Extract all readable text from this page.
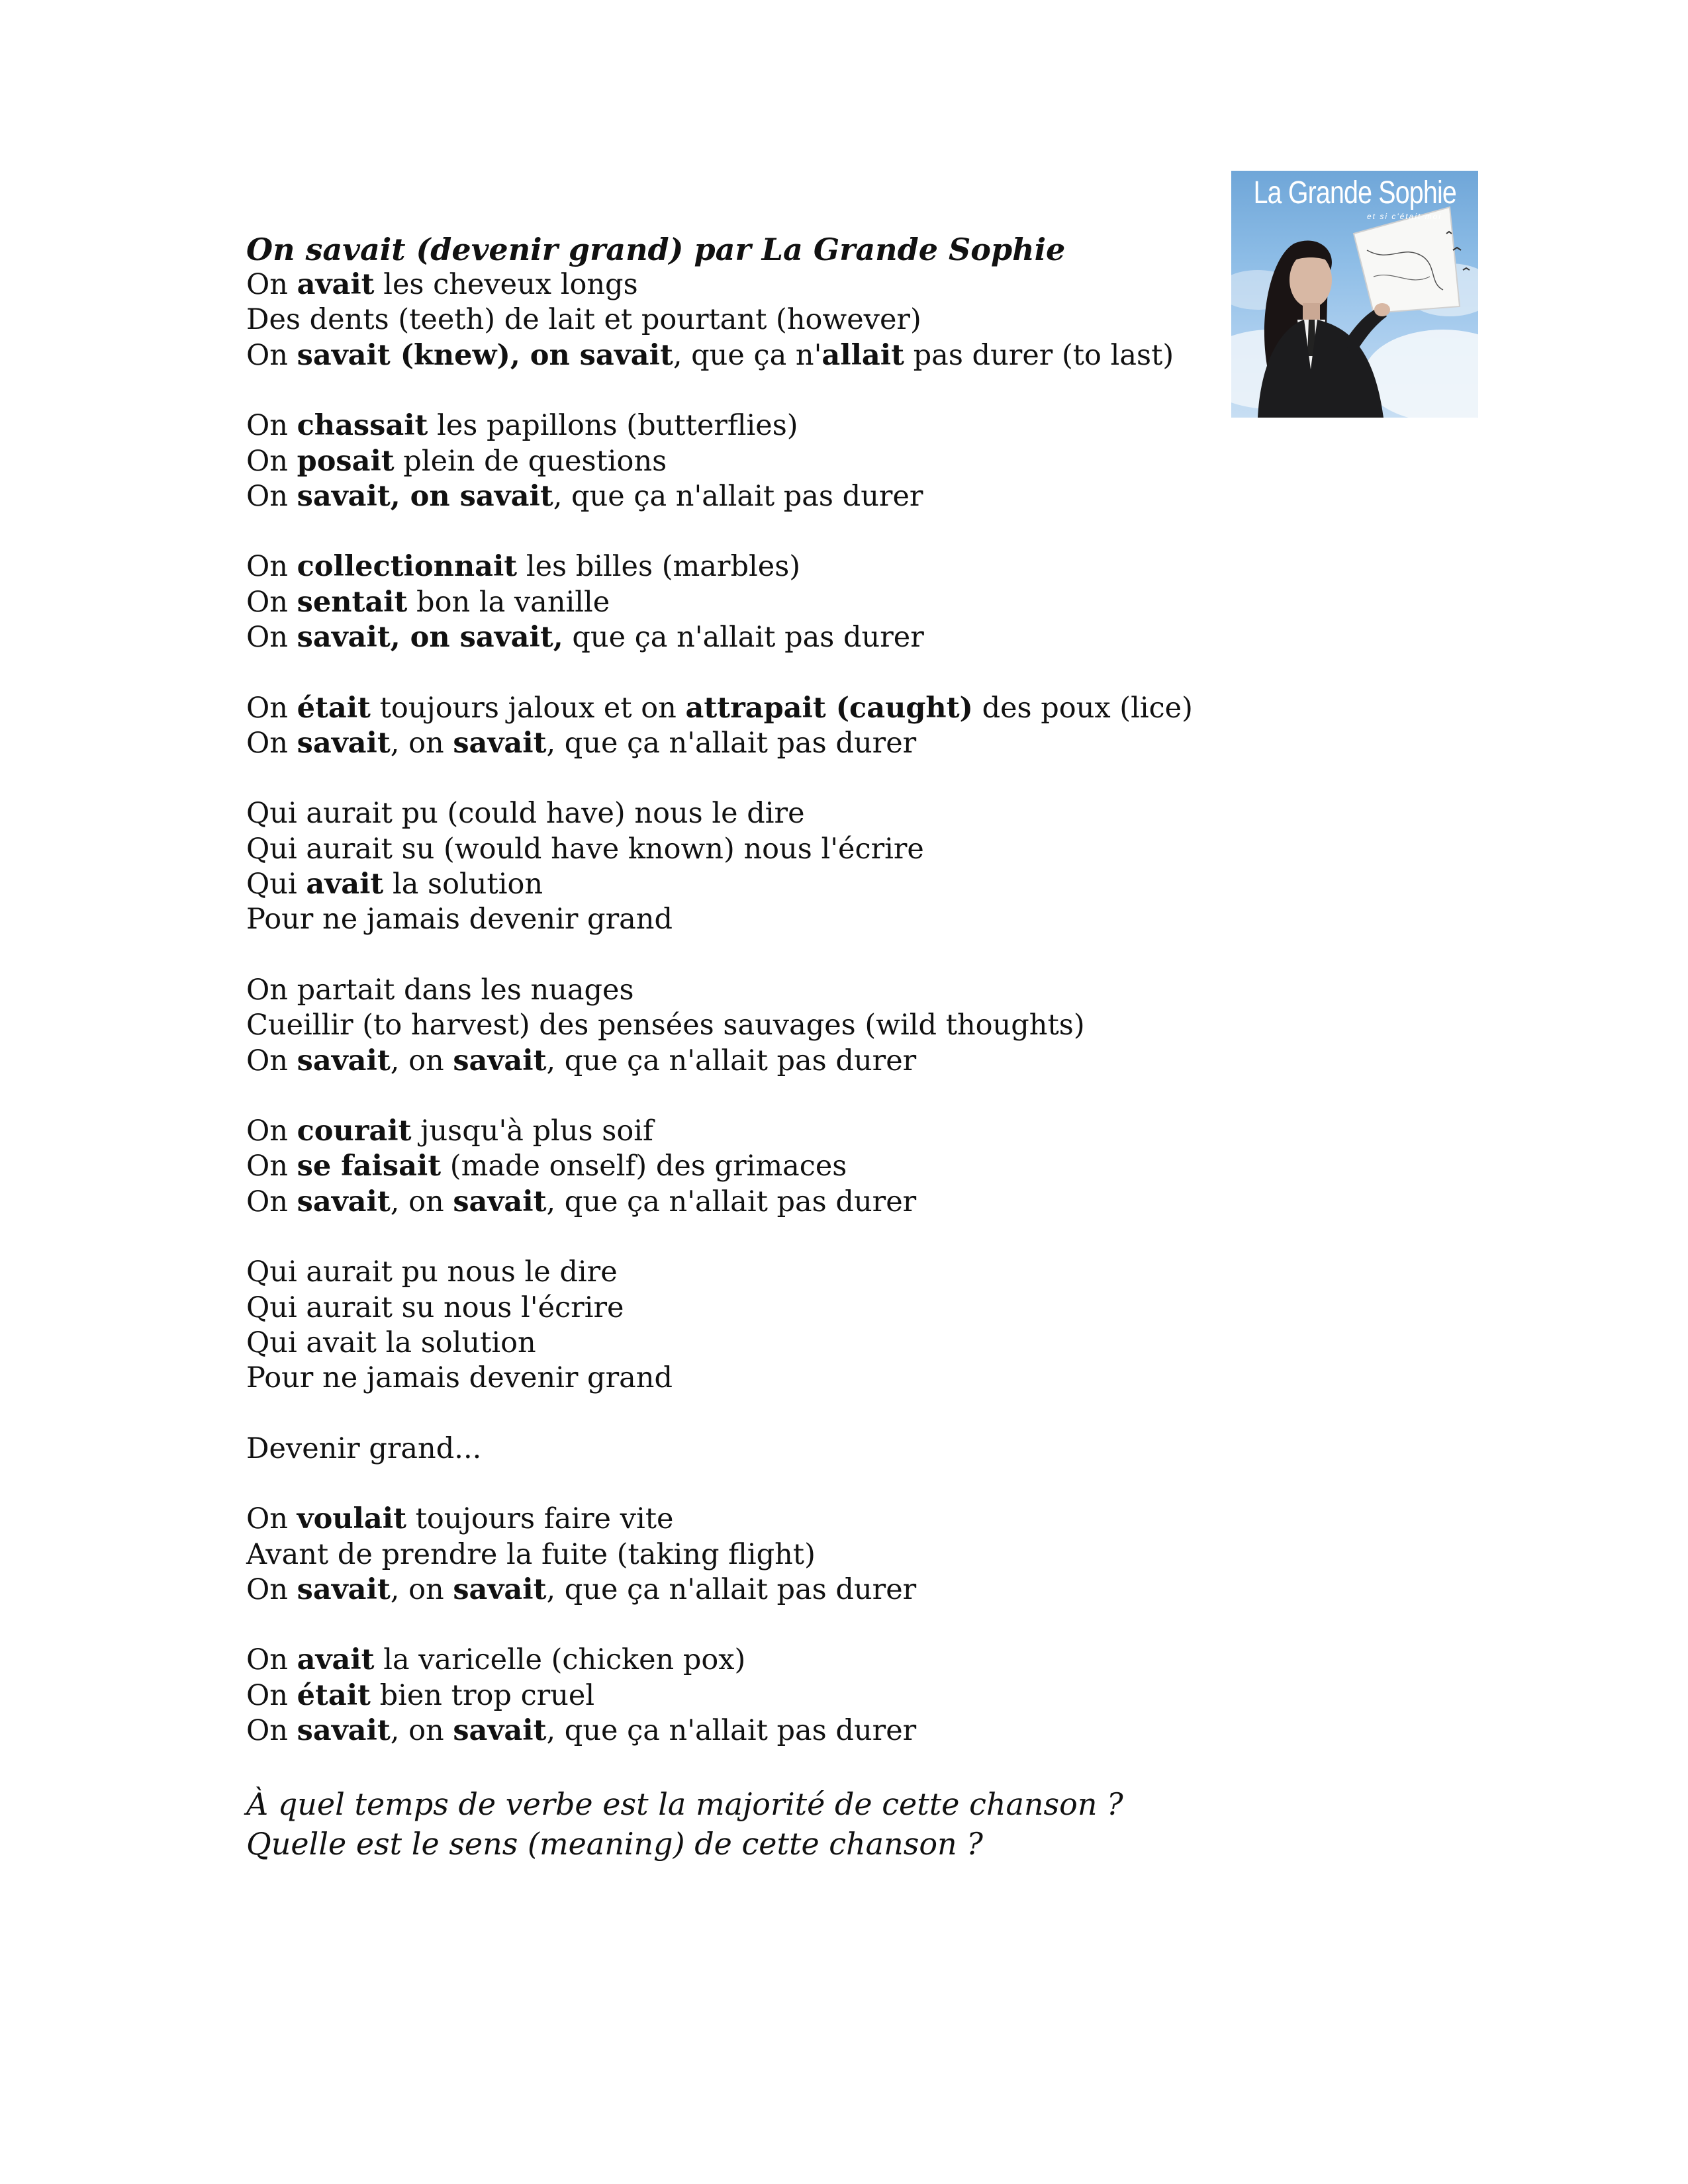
La Grande Sophie
et si c'était moi
On savait (devenir grand) par La Grande Sophie
On avait les cheveux longs
Des dents (teeth) de lait et pourtant (however)
On savait (knew), on savait, que ça n'allait pas durer (to last)
On chassait les papillons (butterflies)
On posait plein de questions
On savait, on savait, que ça n'allait pas durer
On collectionnait les billes (marbles)
On sentait bon la vanille
On savait, on savait, que ça n'allait pas durer
On était toujours jaloux et on attrapait (caught) des poux (lice)
On savait, on savait, que ça n'allait pas durer
Qui aurait pu (could have) nous le dire
Qui aurait su (would have known) nous l'écrire
Qui avait la solution
Pour ne jamais devenir grand
On partait dans les nuages
Cueillir (to harvest) des pensées sauvages (wild thoughts)
On savait, on savait, que ça n'allait pas durer
On courait jusqu'à plus soif
On se faisait (made onself) des grimaces
On savait, on savait, que ça n'allait pas durer
Qui aurait pu nous le dire
Qui aurait su nous l'écrire
Qui avait la solution
Pour ne jamais devenir grand
Devenir grand...
On voulait toujours faire vite
Avant de prendre la fuite (taking flight)
On savait, on savait, que ça n'allait pas durer
On avait la varicelle (chicken pox)
On était bien trop cruel
On savait, on savait, que ça n'allait pas durer
À quel temps de verbe est la majorité de cette chanson ?
Quelle est le sens (meaning) de cette chanson ?
